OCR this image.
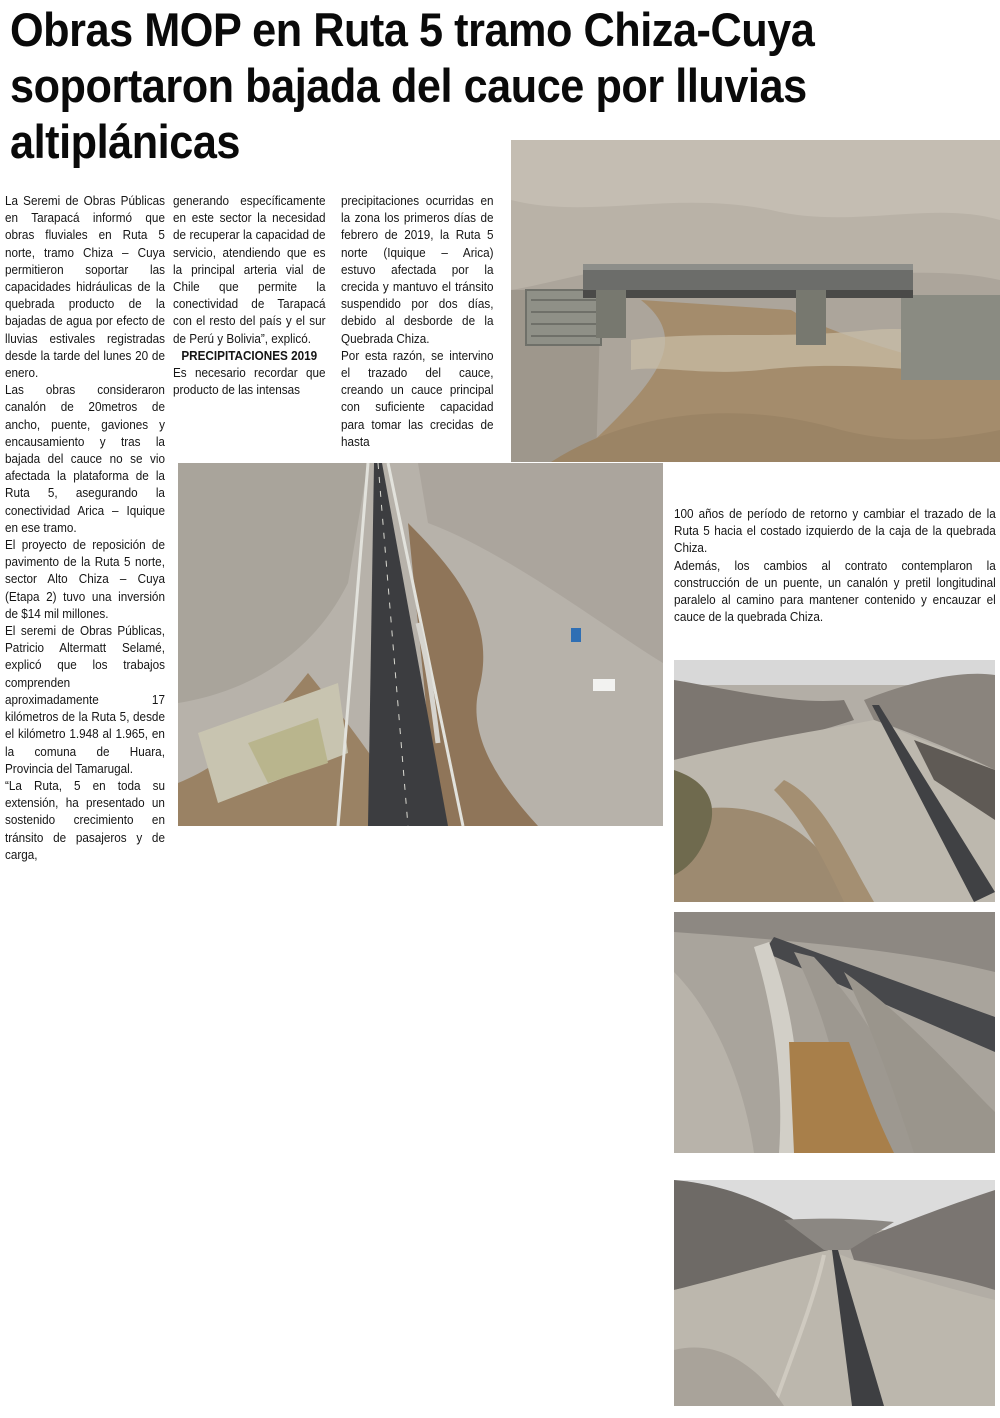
Obras MOP en Ruta 5 tramo Chiza-Cuya
soportaron bajada del cauce por lluvias
altiplánicas

La Seremi de Obras Públicas en Tarapacá informó que obras fluviales en Ruta 5 norte, tramo Chiza – Cuya permitieron soportar las capacidades hidráulicas de la quebrada producto de la bajadas de agua por efecto de lluvias estivales registradas desde la tarde del lunes 20 de enero.

Las obras consideraron canalón de 20metros de ancho, puente, gaviones y encausamiento y tras la bajada del cauce no se vio afectada la plataforma de la Ruta 5, asegurando la conectividad Arica – Iquique en ese tramo.

El proyecto de reposición de pavimento de la Ruta 5 norte, sector Alto Chiza – Cuya (Etapa 2) tuvo una inversión de $14 mil millones.

El seremi de Obras Públicas, Patricio Altermatt Selamé, explicó que los trabajos comprenden aproximadamente 17 kilómetros de la Ruta 5, desde el kilómetro 1.948 al 1.965, en la comuna de Huara, Provincia del Tamarugal.

“La Ruta, 5 en toda su extensión, ha presentado un sostenido crecimiento en tránsito de pasajeros y de carga,

generando específicamente en este sector la necesidad de recuperar la capacidad de servicio, atendiendo que es la principal arteria vial de Chile que permite la conectividad de Tarapacá con el resto del país y el sur de Perú y Bolivia”, explicó.

PRECIPITACIONES 2019

Es necesario recordar que producto de las intensas

precipitaciones ocurridas en la zona los primeros días de febrero de 2019, la Ruta 5 norte (Iquique – Arica) estuvo afectada por la crecida y mantuvo el tránsito suspendido por dos días, debido al desborde de la Quebrada Chiza.

Por esta razón, se intervino el trazado del cauce, creando un cauce principal con suficiente capacidad para tomar las crecidas de hasta

100 años de período de retorno y cambiar el trazado de la Ruta 5 hacia el costado izquierdo de la caja de la quebrada Chiza.

Además, los cambios al contrato contemplaron la construcción de un puente, un canalón y pretil longitudinal paralelo al camino para mantener contenido y encauzar el cauce de la quebrada Chiza.
